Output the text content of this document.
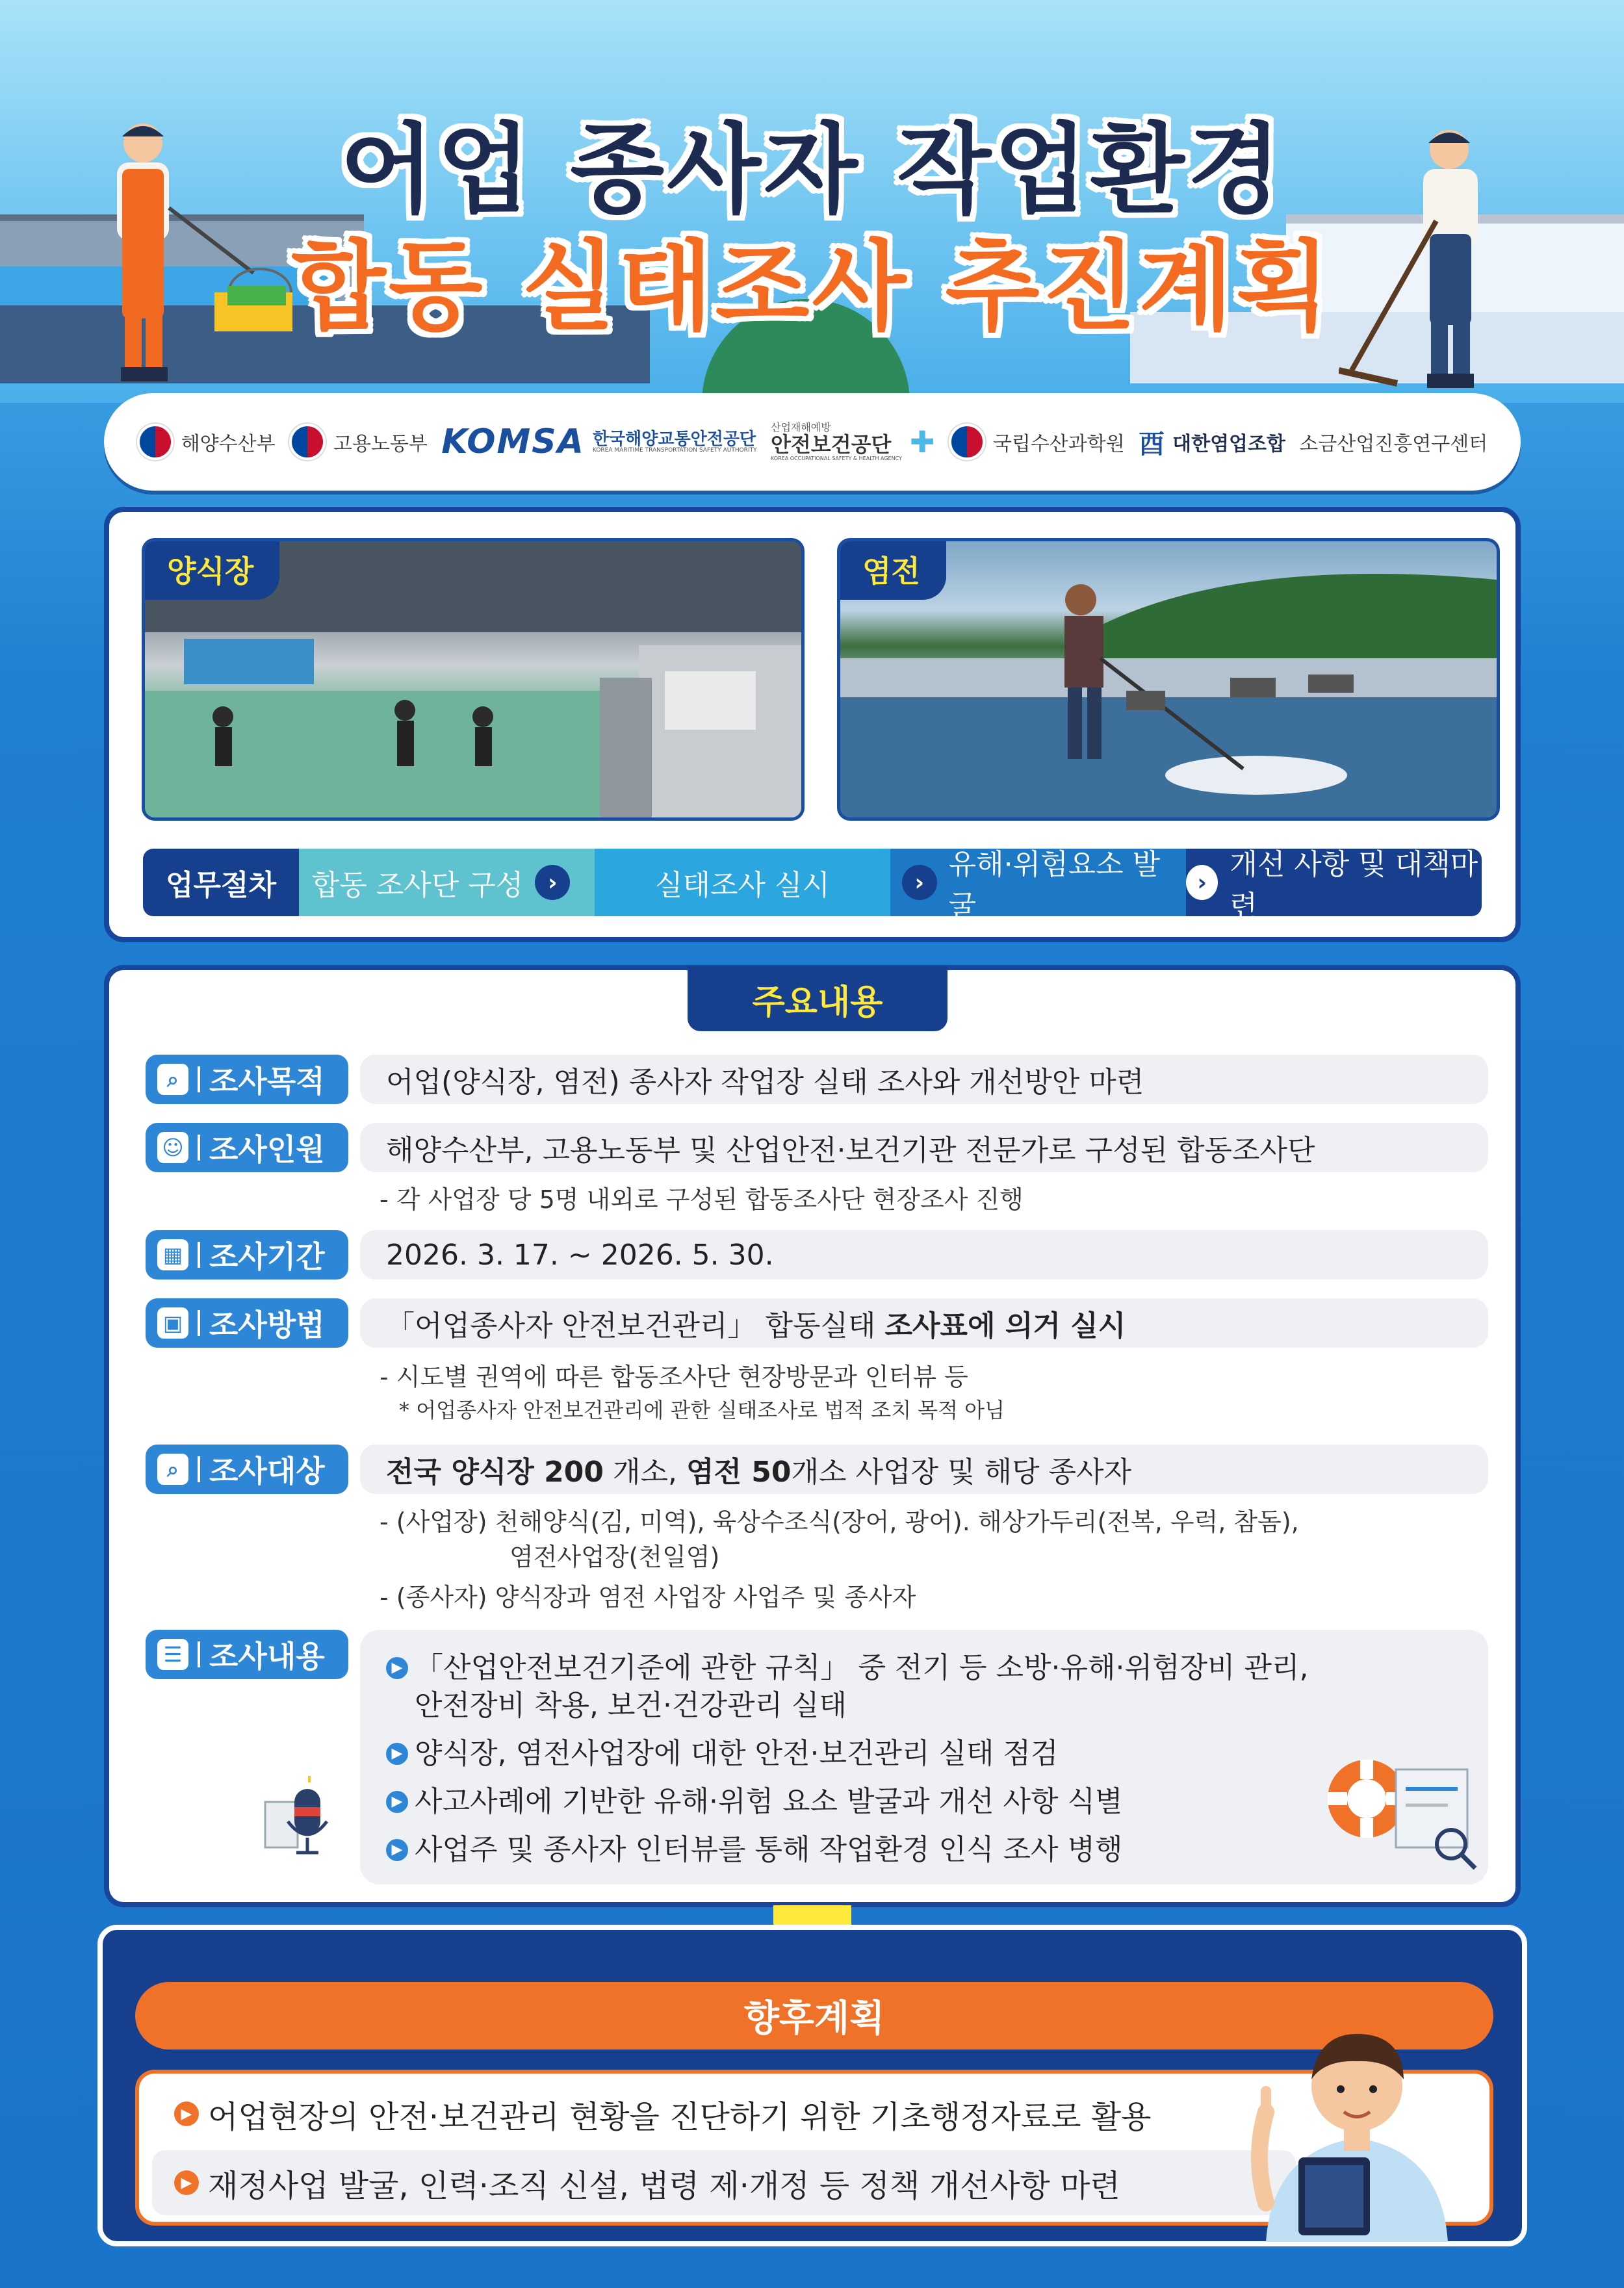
어업 종사자 작업환경
합동 실태조사 추진계획
해양수산부	고용노동부 KOMSA 한국해양교통안전공단
KOREA MARITIME TRANSPORTATION SAFETY AUTHORITY
산업재해예방
안전보건공단
KOREA OCCUPATIONAL SAFETY & HEALTH AGENCY ✚	국립수산과학원 ⾣ 대한염업조합 소금산업진흥연구센터
양식장	염전
업무절차	합동 조사단 구성	›	실태조사 실시	›
유해·위험요소 발굴
›
개선 사항 및 대책마련
주요내용
⌕	조사목적	어업(양식장, 염전) 종사자 작업장 실태 조사와 개선방안 마련
☺ 조사인원	해양수산부, 고용노동부 및 산업안전·보건기관 전문가로 구성된 합동조사단
- 각 사업장 당 5명 내외로 구성된 합동조사단 현장조사 진행
▦ 조사기간	2026. 3. 17. ~ 2026. 5. 30.
▣ 조사방법 「어업종사자 안전보건관리」 합동실태 조사표에 의거 실시
- 시도별 권역에 따른 합동조사단 현장방문과 인터뷰 등
* 어업종사자 안전보건관리에 관한 실태조사로 법적 조치 목적 아님
⌕	조사대상 전국 양식장 200 개소, 염전 50 개소 사업장 및 해당 종사자
- (사업장) 천해양식(김, 미역), 육상수조식(장어, 광어). 해상가두리(전복, 우럭, 참돔),
염전사업장(천일염)
- (종사자) 양식장과 염전 사업장 사업주 및 종사자
☰ 조사내용	▶ 「산업안전보건기준에 관한 규칙」 중 전기 등 소방·유해·위험장비 관리,
안전장비 착용, 보건·건강관리 실태
▶ 양식장, 염전사업장에 대한 안전·보건관리 실태 점검
▶ 사고사례에 기반한 유해·위험 요소 발굴과 개선 사항 식별
▶ 사업주 및 종사자 인터뷰를 통해 작업환경 인식 조사 병행
향후계획
▶ 어업현장의 안전·보건관리 현황을 진단하기 위한 기초행정자료로 활용
▶ 재정사업 발굴, 인력·조직 신설, 법령 제·개정 등 정책 개선사항 마련
